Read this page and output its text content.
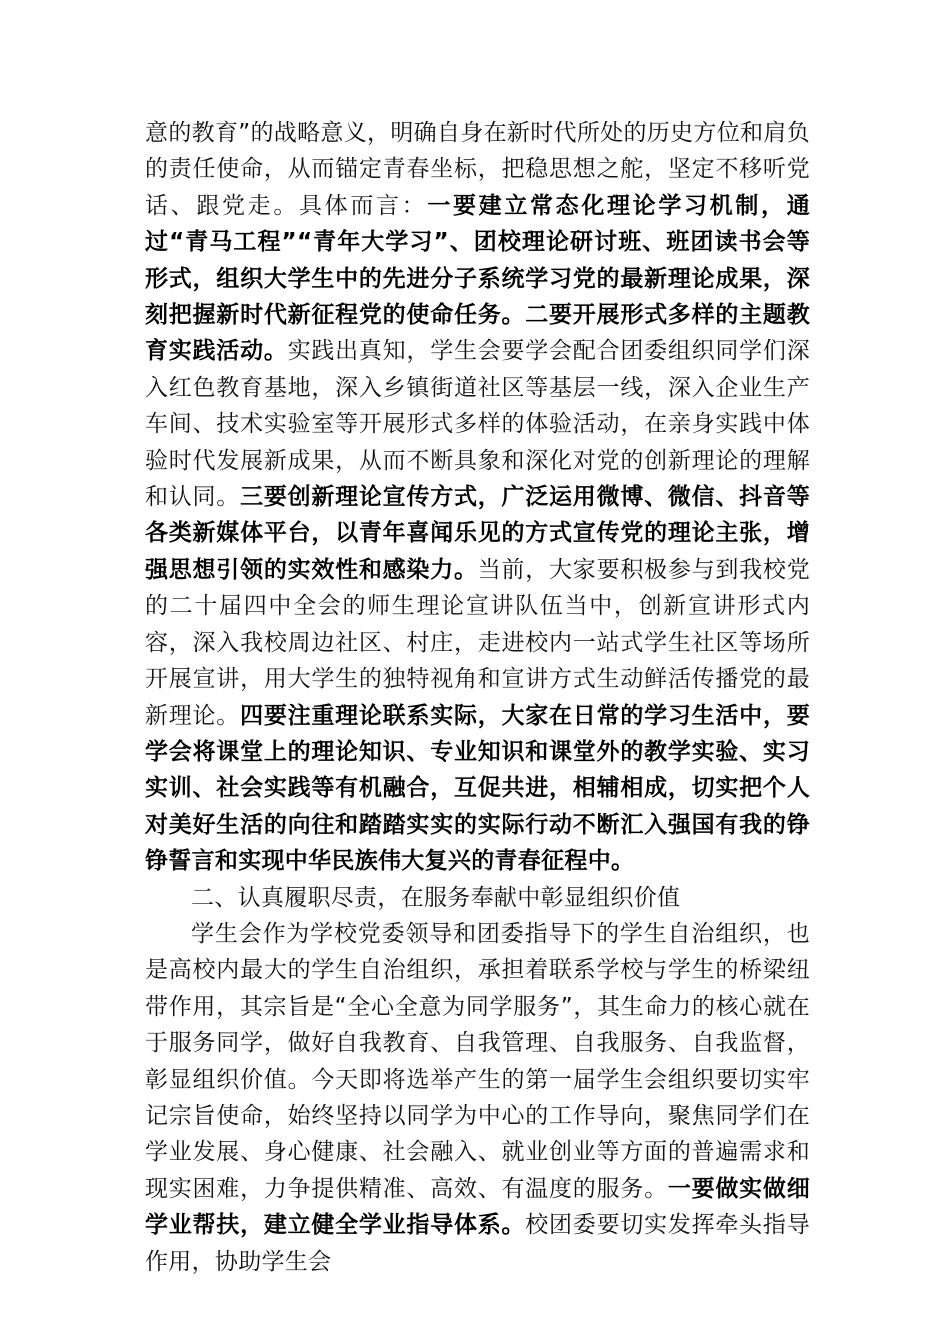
意的教育”的战略意义，明确自身在新时代所处的历史方位和肩负的责任使命，从而锚定青春坐标，把稳思想之舵，坚定不移听党话、跟党走。具体而言：一要建立常态化理论学习机制，通过“青马工程”“青年大学习”、团校理论研讨班、班团读书会等形式，组织大学生中的先进分子系统学习党的最新理论成果，深刻把握新时代新征程党的使命任务。二要开展形式多样的主题教育实践活动。实践出真知，学生会要学会配合团委组织同学们深入红色教育基地，深入乡镇街道社区等基层一线，深入企业生产车间、技术实验室等开展形式多样的体验活动，在亲身实践中体验时代发展新成果，从而不断具象和深化对党的创新理论的理解和认同。三要创新理论宣传方式，广泛运用微博、微信、抖音等各类新媒体平台，以青年喜闻乐见的方式宣传党的理论主张，增强思想引领的实效性和感染力。当前，大家要积极参与到我校党的二十届四中全会的师生理论宣讲队伍当中，创新宣讲形式内容，深入我校周边社区、村庄，走进校内一站式学生社区等场所开展宣讲，用大学生的独特视角和宣讲方式生动鲜活传播党的最新理论。四要注重理论联系实际，大家在日常的学习生活中，要学会将课堂上的理论知识、专业知识和课堂外的教学实验、实习实训、社会实践等有机融合，互促共进，相辅相成，切实把个人对美好生活的向往和踏踏实实的实际行动不断汇入强国有我的铮铮誓言和实现中华民族伟大复兴的青春征程中。

二、认真履职尽责，在服务奉献中彰显组织价值

学生会作为学校党委领导和团委指导下的学生自治组织，也是高校内最大的学生自治组织，承担着联系学校与学生的桥梁纽带作用，其宗旨是“全心全意为同学服务”，其生命力的核心就在于服务同学，做好自我教育、自我管理、自我服务、自我监督，彰显组织价值。今天即将选举产生的第一届学生会组织要切实牢记宗旨使命，始终坚持以同学为中心的工作导向，聚焦同学们在学业发展、身心健康、社会融入、就业创业等方面的普遍需求和现实困难，力争提供精准、高效、有温度的服务。一要做实做细学业帮扶，建立健全学业指导体系。校团委要切实发挥牵头指导作用，协助学生会
